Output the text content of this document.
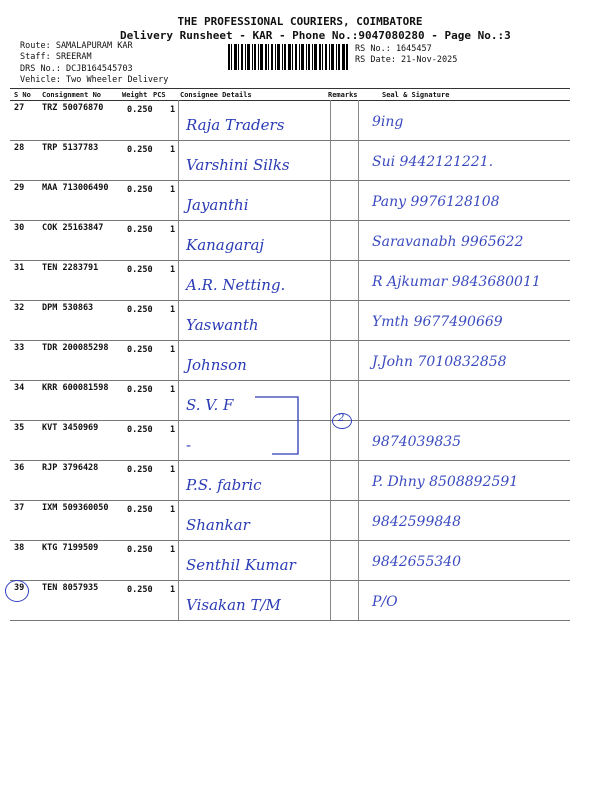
THE PROFESSIONAL COURIERS, COIMBATORE
Delivery Runsheet - KAR - Phone No.:9047080280 - Page No.:3
Route: SAMALAPURAM KAR
Staff: SREERAM
DRS No.: DCJB164545703
Vehicle: Two Wheeler Delivery
RS No.: 1645457
RS Date: 21-Nov-2025
S No Consignment No	Weight PCS Consignee Details	Remarks	Seal & Signature
27 TRZ 50076870	0.250 1
Raja Traders	9ing
28 TRP 5137783	0.250 1
Varshini Silks	Sui 9442121221.
29 MAA 713006490 0.250 1
Jayanthi	Pany 9976128108
30 COK 25163847	0.250 1
Kanagaraj	Saravanabh 9965622
31 TEN 2283791	0.250 1
A.R. Netting.	R Ajkumar 9843680011
32 DPM 530863	0.250 1
Yaswanth	Ymth 9677490669
33 TDR 200085298 0.250 1
Johnson	J.John 7010832858
34 KRR 600081598 0.250 1
S. V. F
35 KVT 3450969	0.250 1
-	9874039835
36 RJP 3796428	0.250 1
P.S. fabric	P. Dhny 8508892591
37 IXM 509360050 0.250 1
Shankar	9842599848
38 KTG 7199509	0.250 1
Senthil Kumar	9842655340
39 TEN 8057935	0.250 1
Visakan T/M	P/O
2
